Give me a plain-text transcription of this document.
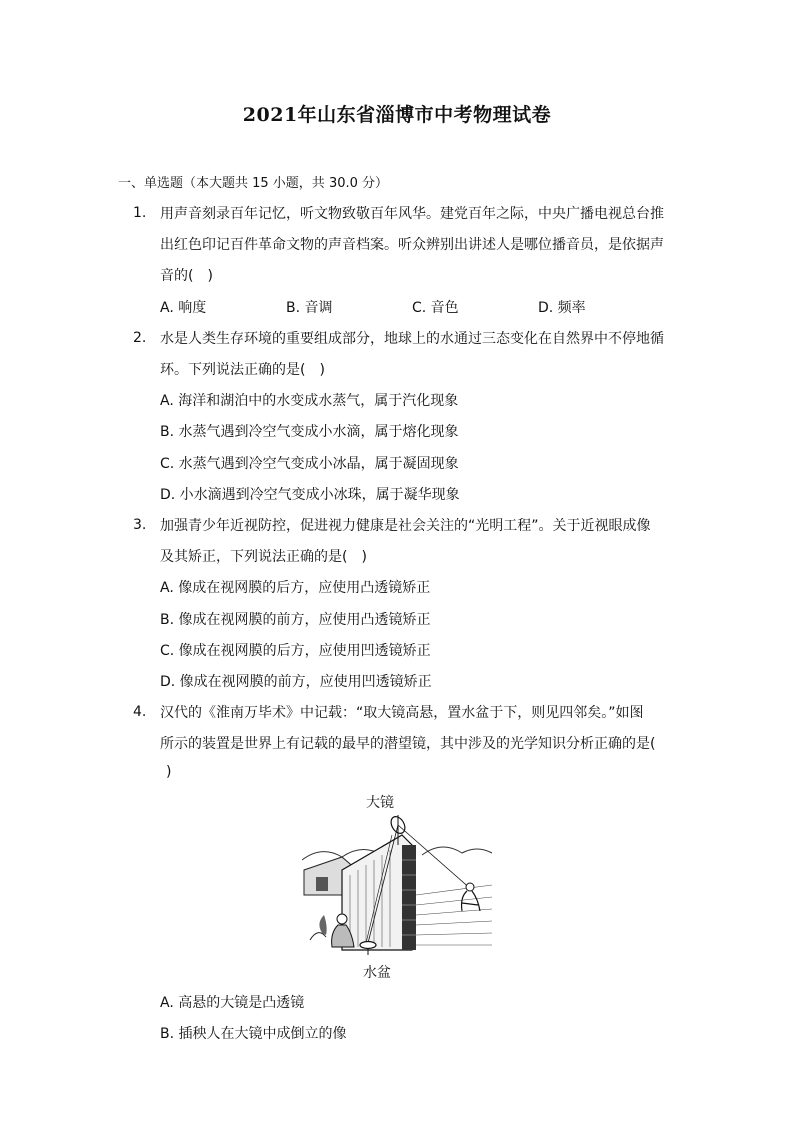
2021年山东省淄博市中考物理试卷
一、单选题（本大题共 15 小题，共 30.0 分）
1. 用声音刻录百年记忆，听文物致敬百年风华。建党百年之际，中央广播电视总台推
出红色印记百件革命文物的声音档案。听众辨别出讲述人是哪位播音员，是依据声
音的(　)
A. 响度	B. 音调	C. 音色	D. 频率
2. 水是人类生存环境的重要组成部分，地球上的水通过三态变化在自然界中不停地循
环。下列说法正确的是(　)
A. 海洋和湖泊中的水变成水蒸气，属于汽化现象
B. 水蒸气遇到冷空气变成小水滴，属于熔化现象
C. 水蒸气遇到冷空气变成小冰晶，属于凝固现象
D. 小水滴遇到冷空气变成小冰珠，属于凝华现象
3. 加强青少年近视防控，促进视力健康是社会关注的“光明工程”。关于近视眼成像
及其矫正，下列说法正确的是(　)
A. 像成在视网膜的后方，应使用凸透镜矫正
B. 像成在视网膜的前方，应使用凸透镜矫正
C. 像成在视网膜的后方，应使用凹透镜矫正
D. 像成在视网膜的前方，应使用凹透镜矫正
4. 汉代的《淮南万毕术》中记载：“取大镜高悬，置水盆于下，则见四邻矣。”如图
所示的装置是世界上有记载的最早的潜望镜，其中涉及的光学知识分析正确的是(
)
大镜
水盆
A. 高悬的大镜是凸透镜
B. 插秧人在大镜中成倒立的像
